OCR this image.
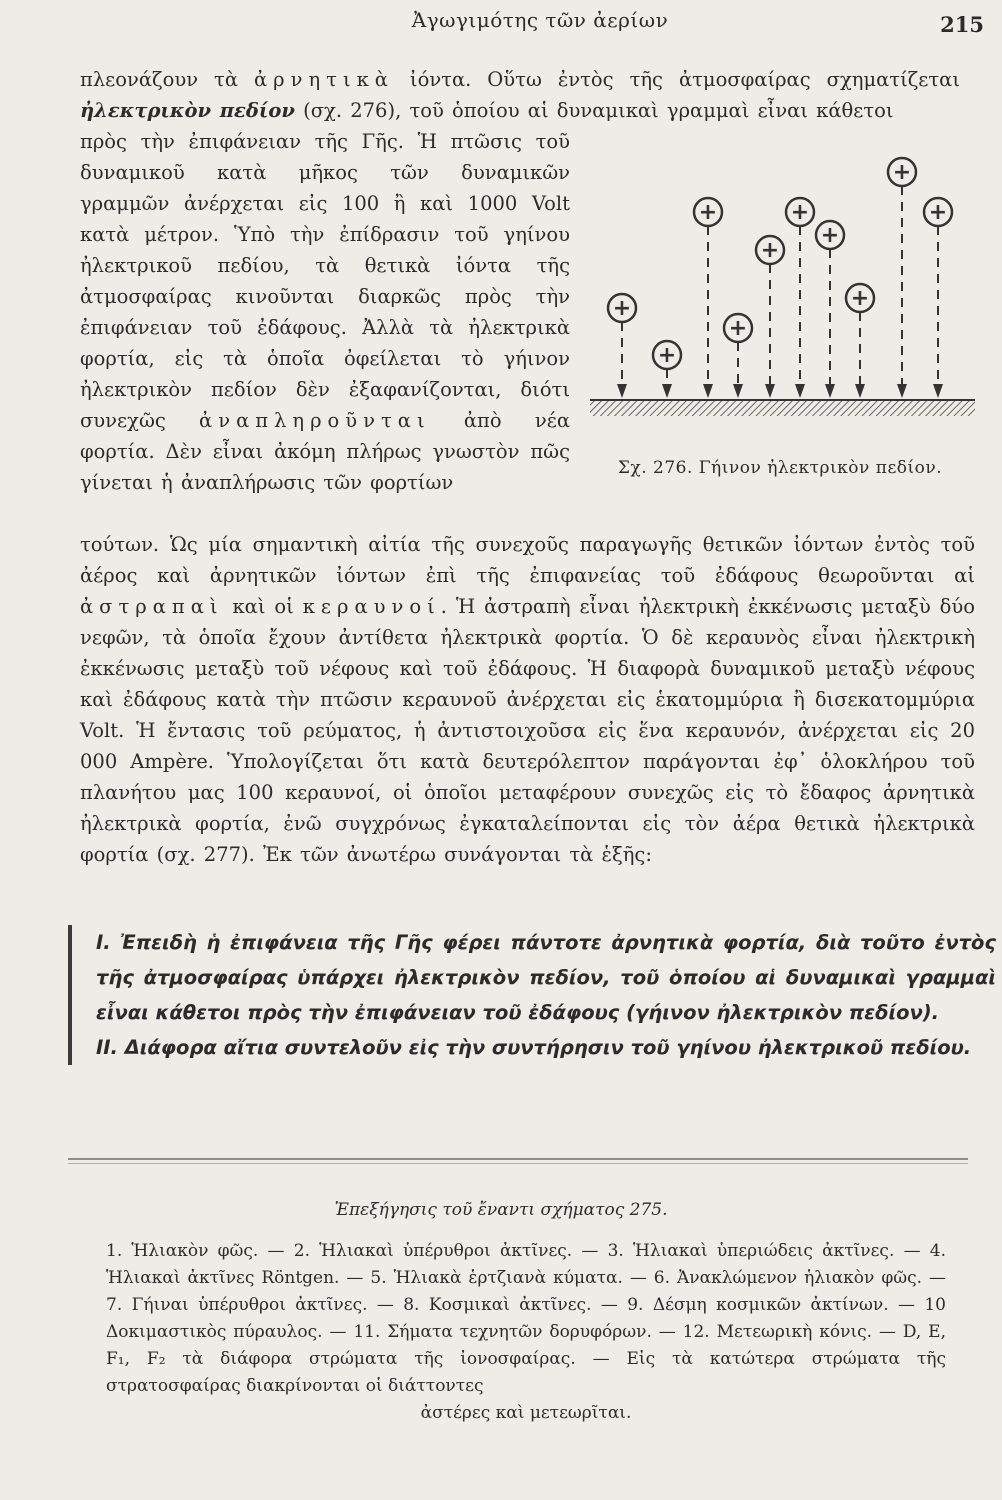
Ἀγωγιμότης τῶν ἀερίων	215
πλεονάζουν τὰ ἀρνητικὰ ἰόντα. Οὕτω ἐντὸς τῆς ἀτμοσφαίρας σχηματίζεται ἠλεκτρικὸν πεδίον (σχ. 276), τοῦ ὁποίου αἱ δυναμικαὶ γραμμαὶ εἶναι κάθετοι
πρὸς τὴν ἐπιφάνειαν τῆς Γῆς. Ἡ πτῶσις τοῦ δυναμικοῦ κατὰ μῆκος τῶν δυναμικῶν γραμμῶν ἀνέρχεται εἰς 100 ἢ καὶ 1000 Volt κατὰ μέτρον. Ὑπὸ τὴν ἐπίδρασιν τοῦ γηίνου ἠλεκτρικοῦ πεδίου, τὰ θετικὰ ἰόντα τῆς ἀτμοσφαίρας κινοῦνται διαρκῶς πρὸς τὴν ἐπιφάνειαν τοῦ ἐδάφους. Ἀλλὰ τὰ ἠλεκτρικὰ φορτία, εἰς τὰ ὁποῖα ὀφείλεται τὸ γήινον ἠλεκτρικὸν πεδίον δὲν ἐξαφανίζονται, διότι συνεχῶς ἀναπληροῦνται ἀπὸ νέα φορτία. Δὲν εἶναι ἀκόμη πλήρως γνωστὸν πῶς γίνεται ἡ ἀναπλήρωσις τῶν φορτίων
+
+
+
+
+
+
+
+
+
+
Σχ. 276. Γήινον ἠλεκτρικὸν πεδίον.
τούτων. Ὡς μία σημαντικὴ αἰτία τῆς συνεχοῦς παραγωγῆς θετικῶν ἰόντων ἐντὸς τοῦ ἀέρος καὶ ἀρνητικῶν ἰόντων ἐπὶ τῆς ἐπιφανείας τοῦ ἐδάφους θεωροῦνται αἱ ἀστραπαὶ καὶ οἱ κεραυνοί. Ἡ ἀστραπὴ εἶναι ἠλεκτρικὴ ἐκκένωσις μεταξὺ δύο νεφῶν, τὰ ὁποῖα ἔχουν ἀντίθετα ἠλεκτρικὰ φορτία. Ὁ δὲ κεραυνὸς εἶναι ἠλεκτρικὴ ἐκκένωσις μεταξὺ τοῦ νέφους καὶ τοῦ ἐδάφους. Ἡ διαφορὰ δυναμικοῦ μεταξὺ νέφους καὶ ἐδάφους κατὰ τὴν πτῶσιν κεραυνοῦ ἀνέρχεται εἰς ἑκατομμύρια ἢ δισεκατομμύρια Volt. Ἡ ἔντασις τοῦ ρεύματος, ἡ ἀντιστοιχοῦσα εἰς ἕνα κεραυνόν, ἀνέρχεται εἰς 20 000 Ampère. Ὑπολογίζεται ὅτι κατὰ δευτερόλεπτον παράγονται ἐφ᾽ ὁλοκλήρου τοῦ πλανήτου μας 100 κεραυνοί, οἱ ὁποῖοι μεταφέρουν συνεχῶς εἰς τὸ ἔδαφος ἀρνητικὰ ἠλεκτρικὰ φορτία, ἐνῶ συγχρόνως ἐγκαταλείπονται εἰς τὸν ἀέρα θετικὰ ἠλεκτρικὰ φορτία (σχ. 277). Ἐκ τῶν ἀνωτέρω συνάγονται τὰ ἑξῆς:

I. Ἐπειδὴ ἡ ἐπιφάνεια τῆς Γῆς φέρει πάντοτε ἀρνητικὰ φορτία, διὰ τοῦτο ἐντὸς τῆς ἀτμοσφαίρας ὑπάρχει ἠλεκτρικὸν πεδίον, τοῦ ὁποίου αἱ δυναμικαὶ γραμμαὶ εἶναι κάθετοι πρὸς τὴν ἐπιφάνειαν τοῦ ἐδάφους (γήινον ἠλεκτρικὸν πεδίον).

II. Διάφορα αἴτια συντελοῦν εἰς τὴν συντήρησιν τοῦ γηίνου ἠλεκτρικοῦ πεδίου.

Ἐπεξήγησις τοῦ ἔναντι σχήματος 275.
1. Ἡλιακὸν φῶς. — 2. Ἡλιακαὶ ὑπέρυθροι ἀκτῖνες. — 3. Ἡλιακαὶ ὑπεριώδεις ἀκτῖνες. — 4. Ἡλιακαὶ ἀκτῖνες Röntgen. — 5. Ἡλιακὰ ἑρτζιανὰ κύματα. — 6. Ἀνακλώμενον ἡλιακὸν φῶς. — 7. Γήιναι ὑπέρυθροι ἀκτῖνες. — 8. Κοσμικαὶ ἀκτῖνες. — 9. Δέσμη κοσμικῶν ἀκτίνων. — 10 Δοκιμαστικὸς πύραυλος. — 11. Σήματα τεχνητῶν δορυφόρων. — 12. Μετεωρικὴ κόνις. — D, E, F₁, F₂ τὰ διάφορα στρώματα τῆς ἰονοσφαίρας. — Εἰς τὰ κατώτερα στρώματα τῆς στρατοσφαίρας διακρίνονται οἱ διάττοντες
ἀστέρες καὶ μετεωρῖται.
